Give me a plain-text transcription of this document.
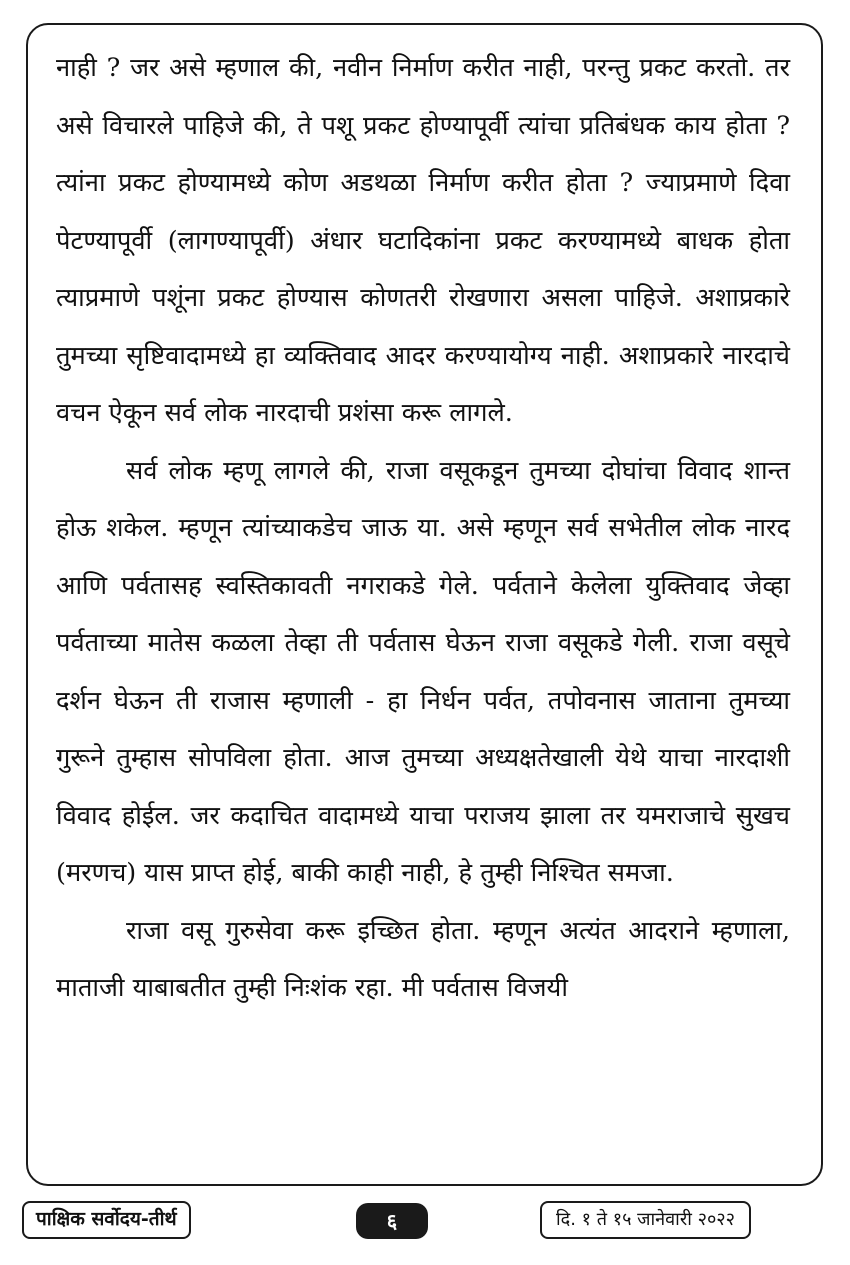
नाही ? जर असे म्हणाल की, नवीन निर्माण करीत नाही, परन्तु प्रकट करतो. तर असे विचारले पाहिजे की, ते पशू प्रकट होण्यापूर्वी त्यांचा प्रतिबंधक काय होता ? त्यांना प्रकट होण्यामध्ये कोण अडथळा निर्माण करीत होता ? ज्याप्रमाणे दिवा पेटण्यापूर्वी (लागण्यापूर्वी) अंधार घटादिकांना प्रकट करण्यामध्ये बाधक होता त्याप्रमाणे पशूंना प्रकट होण्यास कोणतरी रोखणारा असला पाहिजे. अशाप्रकारे तुमच्या सृष्टिवादामध्ये हा व्यक्तिवाद आदर करण्यायोग्य नाही. अशाप्रकारे नारदाचे वचन ऐकून सर्व लोक नारदाची प्रशंसा करू लागले.

सर्व लोक म्हणू लागले की, राजा वसूकडून तुमच्या दोघांचा विवाद शान्त होऊ शकेल. म्हणून त्यांच्याकडेच जाऊ या. असे म्हणून सर्व सभेतील लोक नारद आणि पर्वतासह स्वस्तिकावती नगराकडे गेले. पर्वताने केलेला युक्तिवाद जेव्हा पर्वताच्या मातेस कळला तेव्हा ती पर्वतास घेऊन राजा वसूकडे गेली. राजा वसूचे दर्शन घेऊन ती राजास म्हणाली - हा निर्धन पर्वत, तपोवनास जाताना तुमच्या गुरूने तुम्हास सोपविला होता. आज तुमच्या अध्यक्षतेखाली येथे याचा नारदाशी विवाद होईल. जर कदाचित वादामध्ये याचा पराजय झाला तर यमराजाचे सुखच (मरणच) यास प्राप्त होई, बाकी काही नाही, हे तुम्ही निश्चित समजा.

राजा वसू गुरुसेवा करू इच्छित होता. म्हणून अत्यंत आदराने म्हणाला, माताजी याबाबतीत तुम्ही निःशंक रहा. मी पर्वतास विजयी

पाक्षिक सर्वोदय-तीर्थ	६	दि. १ ते १५ जानेवारी २०२२
